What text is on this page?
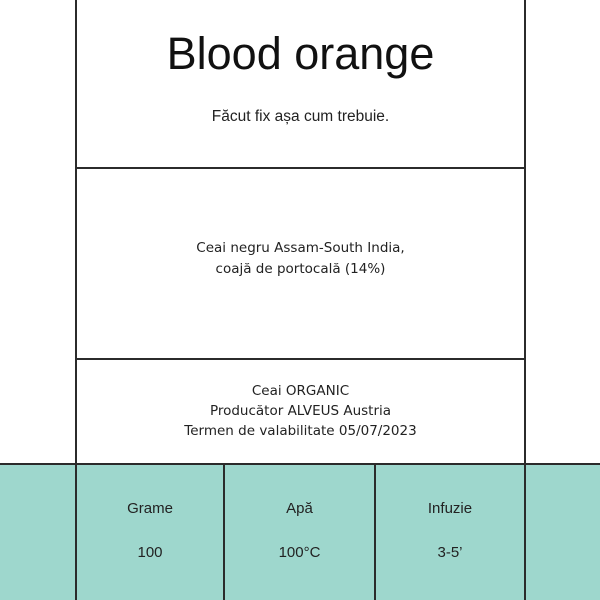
Blood orange
Făcut fix așa cum trebuie.
Ceai negru Assam-South India,
coajă de portocală (14%)
Ceai ORGANIC
Producător ALVEUS Austria
Termen de valabilitate 05/07/2023
Grame
100
Apă
100°C
Infuzie
3-5’
